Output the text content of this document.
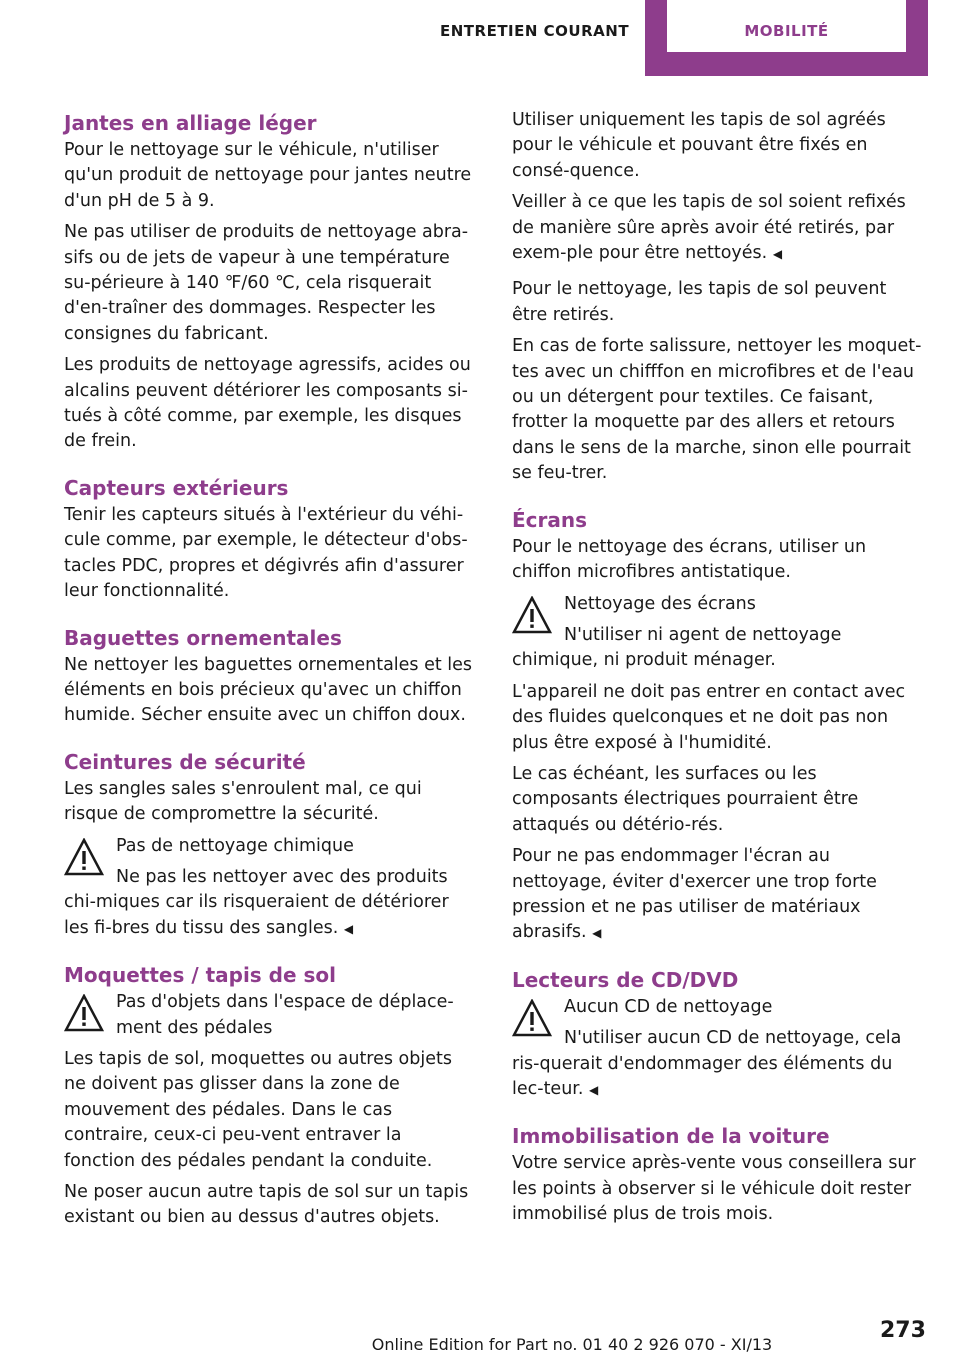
ENTRETIEN COURANT	MOBILITÉ
Jantes en alliage léger

Pour le nettoyage sur le véhicule, n'utiliser qu'un produit de nettoyage pour jantes neutre d'un pH de 5 à 9.

Ne pas utiliser de produits de nettoyage abra-sifs ou de jets de vapeur à une température su-périeure à 140 ℉/60 ℃, cela risquerait d'en-traîner des dommages. Respecter les consignes du fabricant.

Les produits de nettoyage agressifs, acides ou alcalins peuvent détériorer les composants si-tués à côté comme, par exemple, les disques de frein.

Capteurs extérieurs

Tenir les capteurs situés à l'extérieur du véhi-cule comme, par exemple, le détecteur d'obs-tacles PDC, propres et dégivrés afin d'assurer leur fonctionnalité.

Baguettes ornementales

Ne nettoyer les baguettes ornementales et les éléments en bois précieux qu'avec un chiffon humide. Sécher ensuite avec un chiffon doux.

Ceintures de sécurité

Les sangles sales s'enroulent mal, ce qui risque de compromettre la sécurité.

Pas de nettoyage chimique

Ne pas les nettoyer avec des produits chi-miques car ils risqueraient de détériorer les fi-bres du tissu des sangles. ◀

Moquettes / tapis de sol

Pas d'objets dans l'espace de déplace-ment des pédales

Les tapis de sol, moquettes ou autres objets ne doivent pas glisser dans la zone de mouvement des pédales. Dans le cas contraire, ceux-ci peu-vent entraver la fonction des pédales pendant la conduite.

Ne poser aucun autre tapis de sol sur un tapis existant ou bien au dessus d'autres objets.

Utiliser uniquement les tapis de sol agréés pour le véhicule et pouvant être fixés en consé-quence.

Veiller à ce que les tapis de sol soient refixés de manière sûre après avoir été retirés, par exem-ple pour être nettoyés. ◀

Pour le nettoyage, les tapis de sol peuvent être retirés.

En cas de forte salissure, nettoyer les moquet-tes avec un chifffon en microfibres et de l'eau ou un détergent pour textiles. Ce faisant, frotter la moquette par des allers et retours dans le sens de la marche, sinon elle pourrait se feu-trer.

Écrans

Pour le nettoyage des écrans, utiliser un chiffon microfibres antistatique.

Nettoyage des écrans

N'utiliser ni agent de nettoyage chimique, ni produit ménager.

L'appareil ne doit pas entrer en contact avec des fluides quelconques et ne doit pas non plus être exposé à l'humidité.

Le cas échéant, les surfaces ou les composants électriques pourraient être attaqués ou détério-rés.

Pour ne pas endommager l'écran au nettoyage, éviter d'exercer une trop forte pression et ne pas utiliser de matériaux abrasifs. ◀

Lecteurs de CD/DVD

Aucun CD de nettoyage

N'utiliser aucun CD de nettoyage, cela ris-querait d'endommager des éléments du lec-teur. ◀

Immobilisation de la voiture

Votre service après-vente vous conseillera sur les points à observer si le véhicule doit rester immobilisé plus de trois mois.

273
Online Edition for Part no. 01 40 2 926 070 - XI/13
